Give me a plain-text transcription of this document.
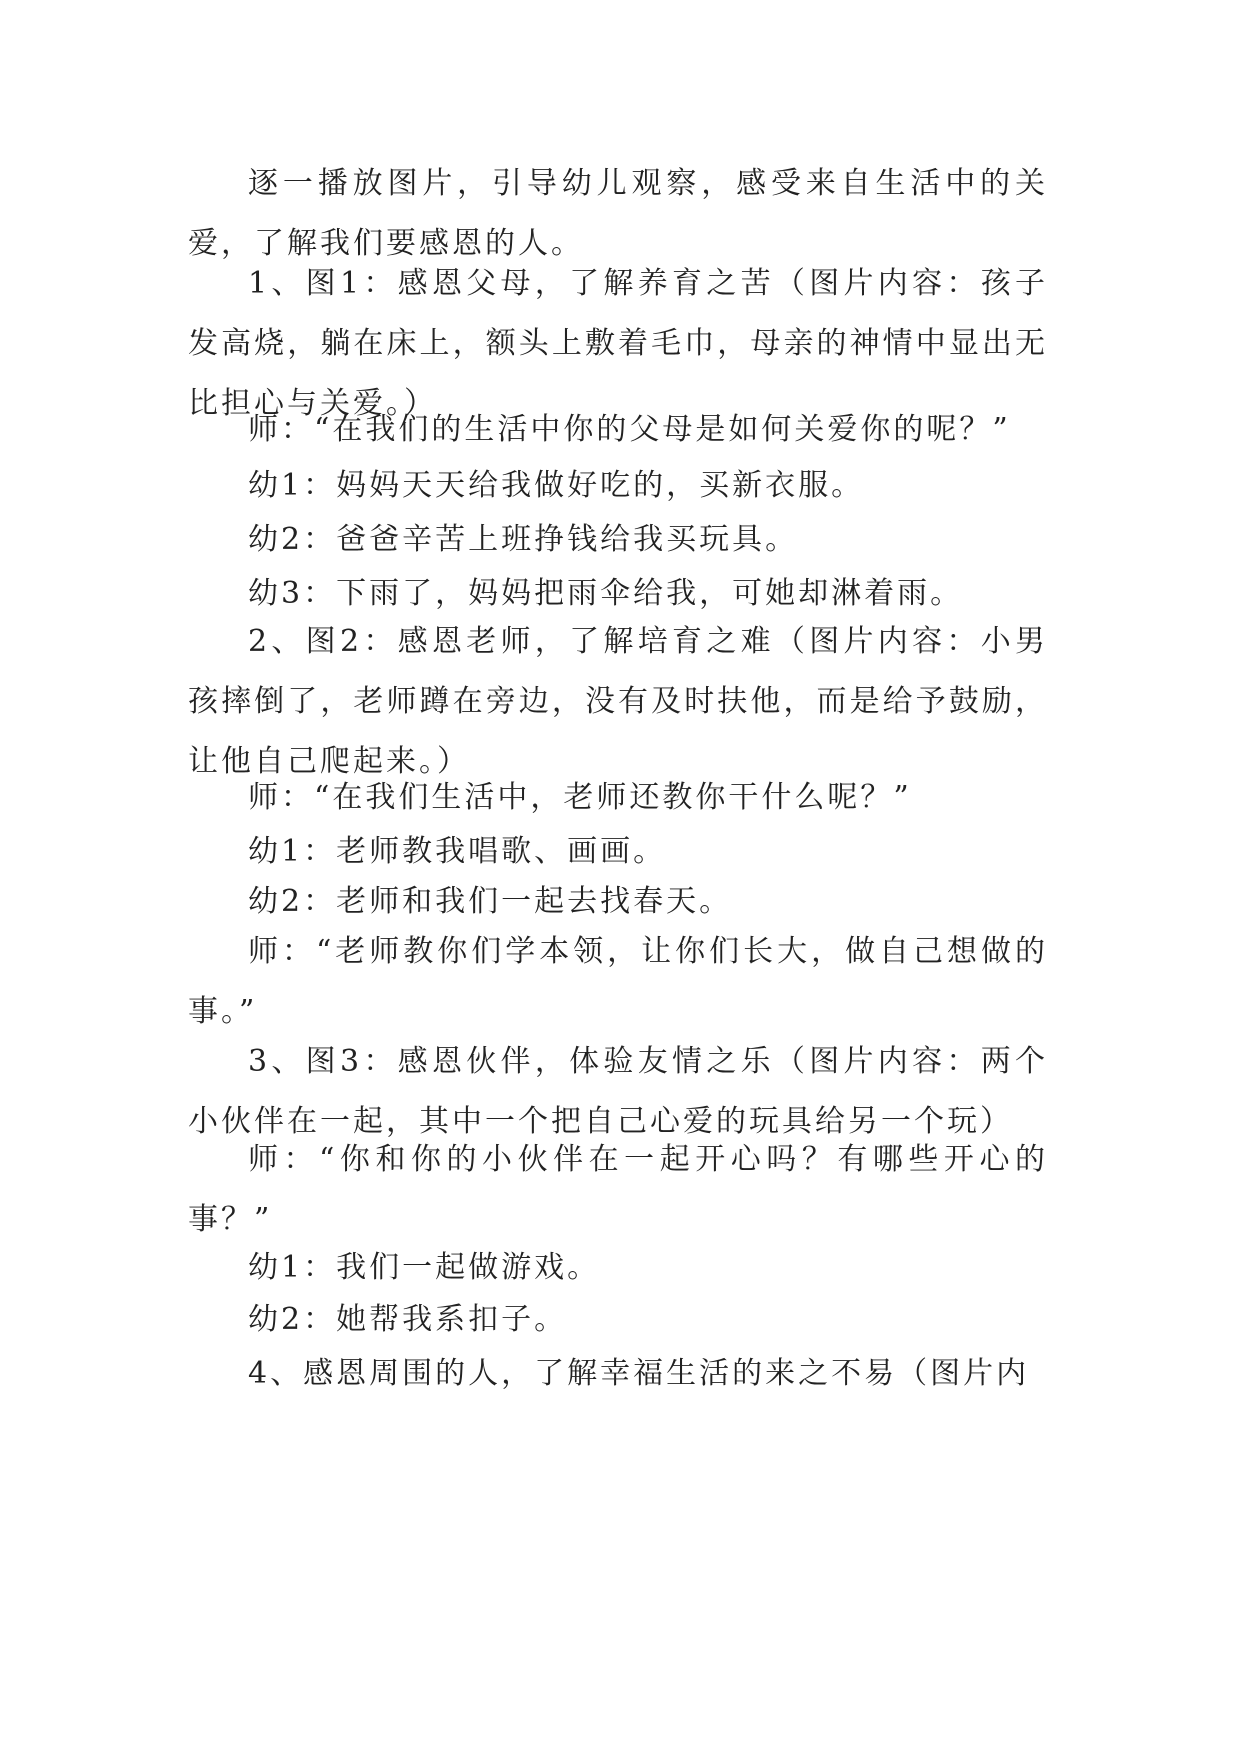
逐一播放图片，引导幼儿观察，感受来自生活中的关爱，了解我们要感恩的人。

1、图1：感恩父母，了解养育之苦（图片内容：孩子发高烧，躺在床上，额头上敷着毛巾，母亲的神情中显出无比担心与关爱。）

师：“在我们的生活中你的父母是如何关爱你的呢？”

幼1：妈妈天天给我做好吃的，买新衣服。

幼2：爸爸辛苦上班挣钱给我买玩具。

幼3：下雨了，妈妈把雨伞给我，可她却淋着雨。

2、图2：感恩老师，了解培育之难（图片内容：小男孩摔倒了，老师蹲在旁边，没有及时扶他，而是给予鼓励，让他自己爬起来。）

师：“在我们生活中，老师还教你干什么呢？”

幼1：老师教我唱歌、画画。

幼2：老师和我们一起去找春天。

师：“老师教你们学本领，让你们长大，做自己想做的事。”

3、图3：感恩伙伴，体验友情之乐（图片内容：两个小伙伴在一起，其中一个把自己心爱的玩具给另一个玩）

师：“你和你的小伙伴在一起开心吗？有哪些开心的事？”

幼1：我们一起做游戏。

幼2：她帮我系扣子。

4、感恩周围的人，了解幸福生活的来之不易（图片内
